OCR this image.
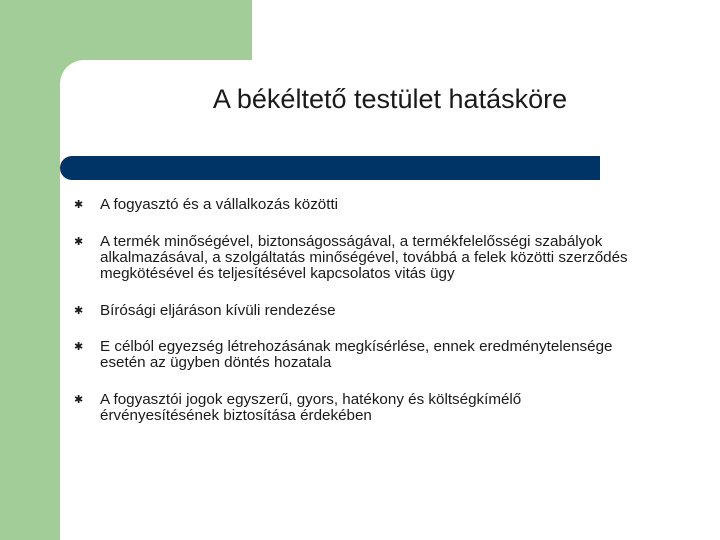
A békéltető testület hatásköre
✱ A fogyasztó és a vállalkozás közötti
✱ A termék minőségével, biztonságosságával, a termékfelelősségi szabályok alkalmazásával, a szolgáltatás minőségével, továbbá a felek közötti szerződés megkötésével és teljesítésével kapcsolatos vitás ügy
✱ Bírósági eljáráson kívüli rendezése
✱ E célból egyezség létrehozásának megkísérlése, ennek eredménytelensége esetén az ügyben döntés hozatala
✱ A fogyasztói jogok egyszerű, gyors, hatékony és költségkímélő érvényesítésének biztosítása érdekében
